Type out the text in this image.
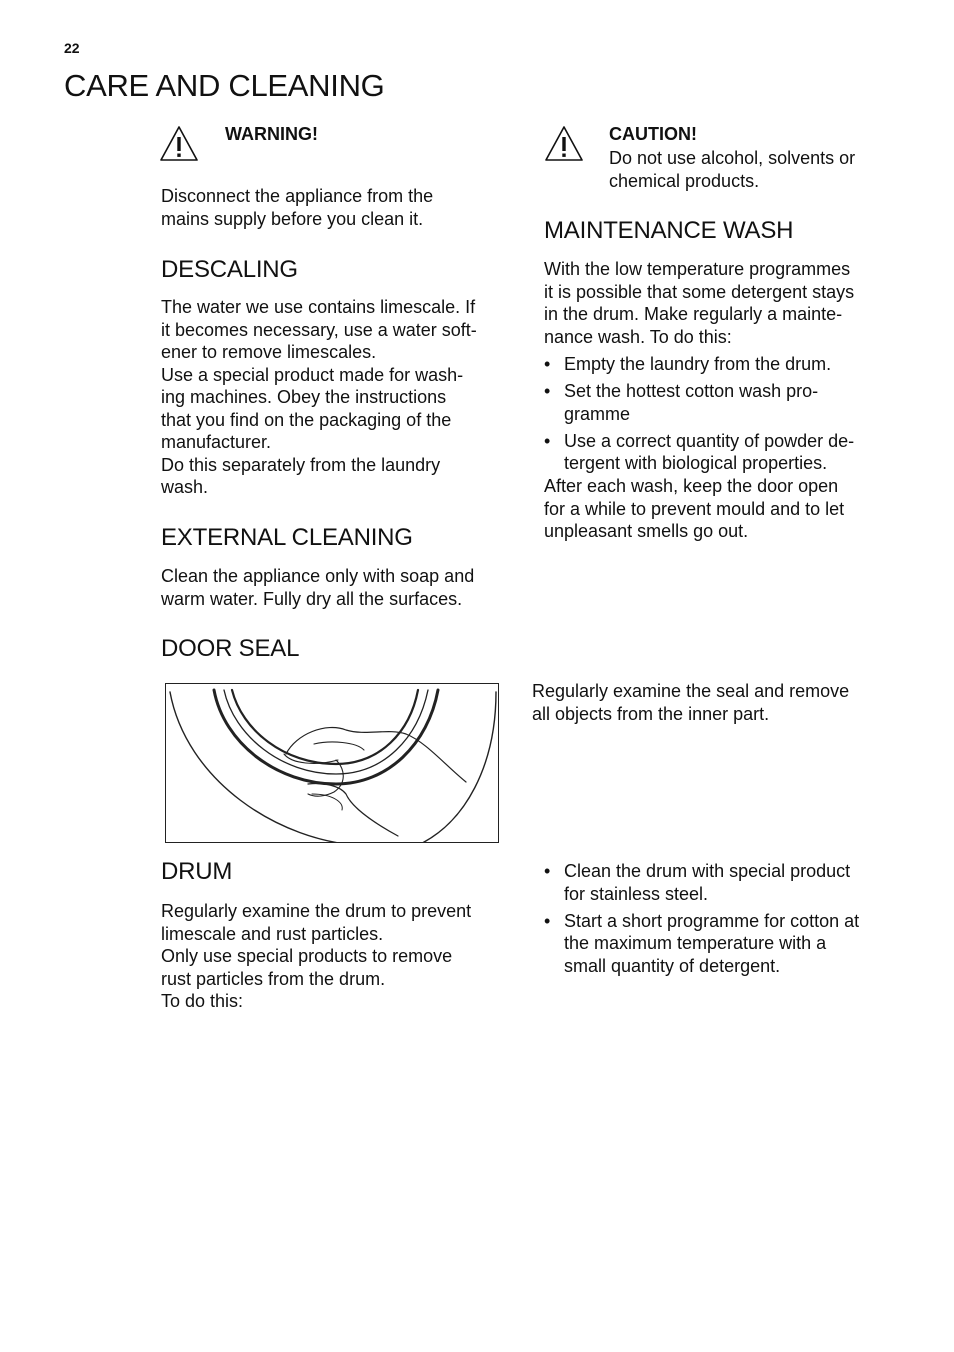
22
CARE AND CLEANING
WARNING!
Disconnect the appliance from the
mains supply before you clean it.
DESCALING
The water we use contains limescale. If
it becomes necessary, use a water soft-
ener to remove limescales.
Use a special product made for wash-
ing machines. Obey the instructions
that you find on the packaging of the
manufacturer.
Do this separately from the laundry
wash.
EXTERNAL CLEANING
Clean the appliance only with soap and
warm water. Fully dry all the surfaces.
CAUTION!
Do not use alcohol, solvents or
chemical products.
MAINTENANCE WASH
With the low temperature programmes
it is possible that some detergent stays
in the drum. Make regularly a mainte-
nance wash. To do this:
• Empty the laundry from the drum.
• Set the hottest cotton wash pro-
gramme
• Use a correct quantity of powder de-
tergent with biological properties.
After each wash, keep the door open
for a while to prevent mould and to let
unpleasant smells go out.
DOOR SEAL
Regularly examine the seal and remove
all objects from the inner part.
DRUM
Regularly examine the drum to prevent
limescale and rust particles.
Only use special products to remove
rust particles from the drum.
To do this:
• Clean the drum with special product
for stainless steel.
• Start a short programme for cotton at
the maximum temperature with a
small quantity of detergent.
